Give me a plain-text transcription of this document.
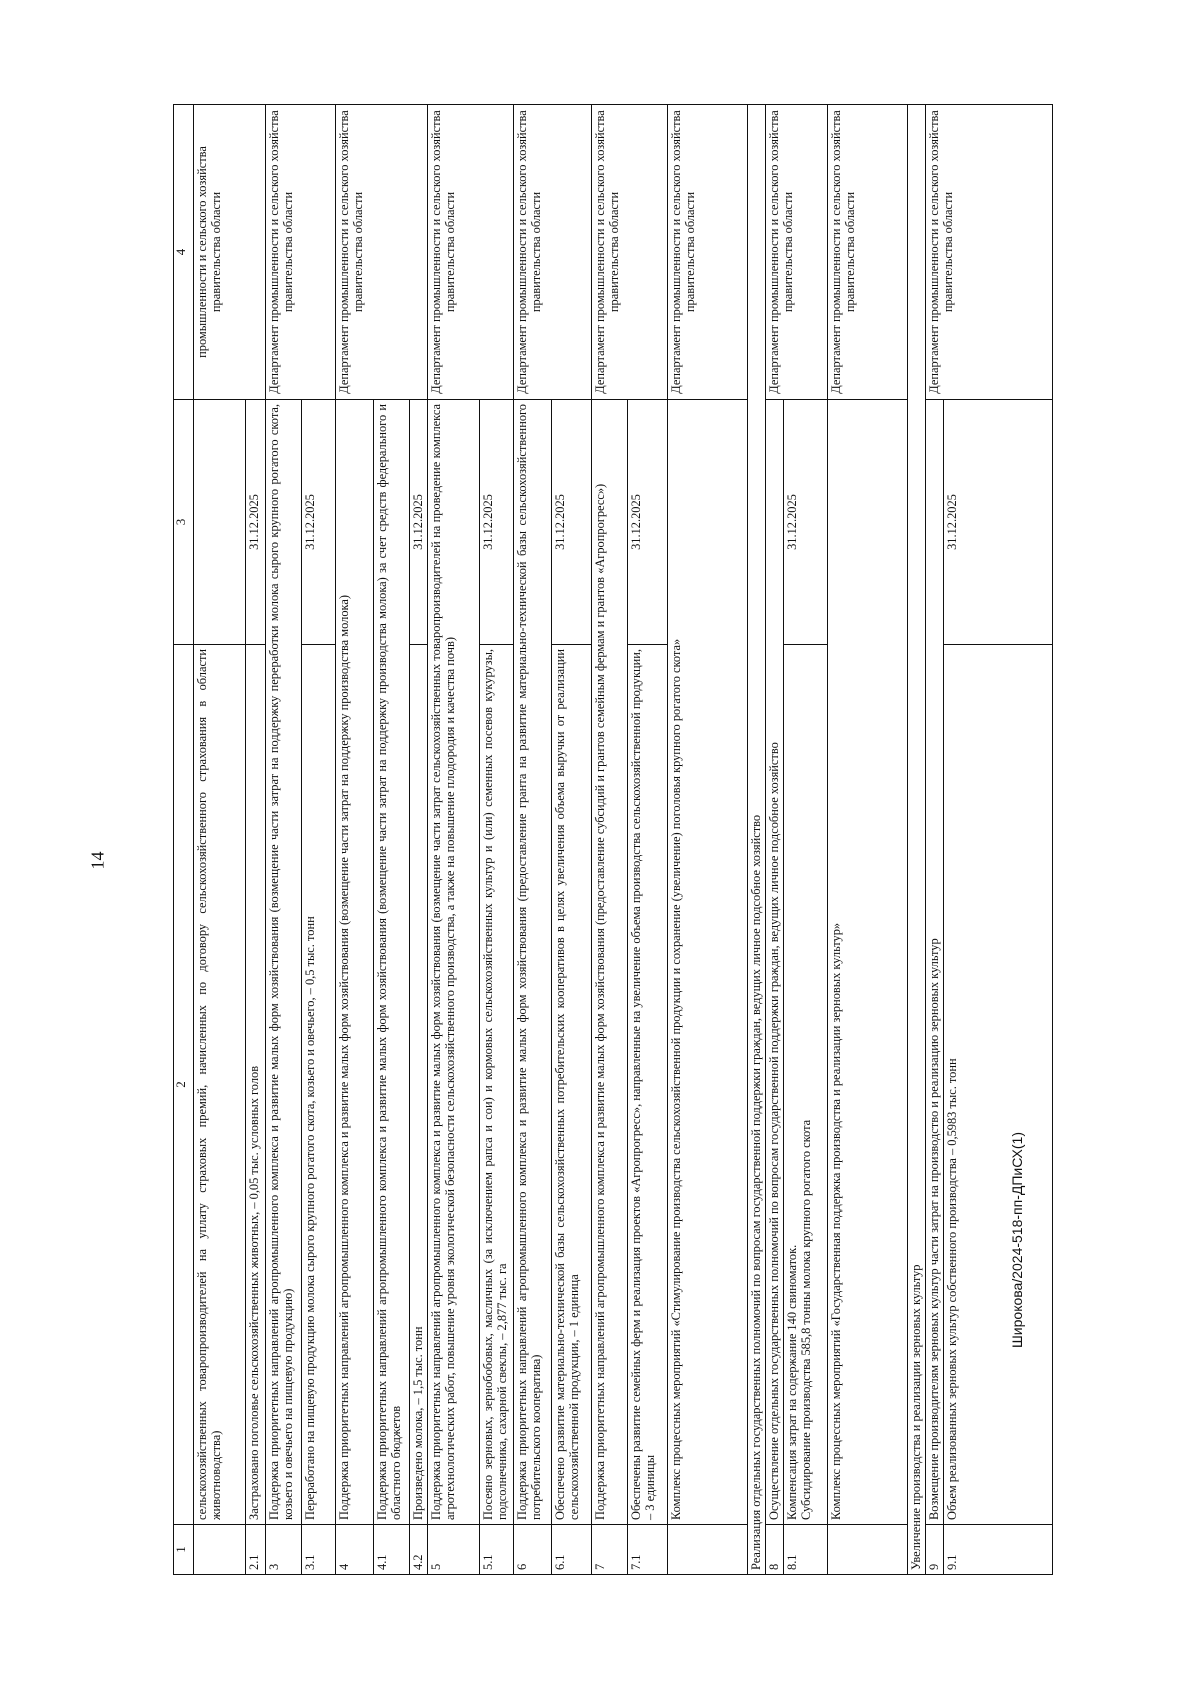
14
Широкова/2024-518-пп-ДПиСХ(1)
1	2	3	4
	сельскохозяйственных товаропроизводителей на уплату страховых премий, начисленных по договору сельскохозяйственного страхования в области животноводства)		промышленности и сельского хозяйства правительства области
2.1	Застраховано поголовье сельскохозяйственных животных, – 0,05 тыс. условных голов	31.12.2025	
3	Поддержка приоритетных направлений агропромышленного комплекса и развитие малых форм хозяйствования (возмещение части затрат на поддержку переработки молока сырого крупного рогатого скота, козьего и овечьего на пищевую продукцию)		Департамент промышленности и сельского хозяйства правительства области
3.1	Переработано на пищевую продукцию молока сырого крупного рогатого скота, козьего и овечьего, – 0,5 тыс. тонн	31.12.2025	
4	Поддержка приоритетных направлений агропромышленного комплекса и развитие малых форм хозяйствования (возмещение части затрат на поддержку производства молока)		Департамент промышленности и сельского хозяйства правительства области
4.1	Поддержка приоритетных направлений агропромышленного комплекса и развитие малых форм хозяйствования (возмещение части затрат на поддержку производства молока) за счет средств федерального и областного бюджетов		
4.2	Произведено молока, – 1,5 тыс. тонн	31.12.2025	
5	Поддержка приоритетных направлений агропромышленного комплекса и развитие малых форм хозяйствования (возмещение части затрат сельскохозяйственных товаропроизводителей на проведение комплекса агротехнологических работ, повышение уровня экологической безопасности сельскохозяйственного производства, а также на повышение плодородия и качества почв)		Департамент промышленности и сельского хозяйства правительства области
5.1	Посеяно зерновых, зернобобовых, масличных (за исключением рапса и сои) и кормовых сельскохозяйственных культур и (или) семенных посевов кукурузы, подсолнечника, сахарной свеклы, – 2,877 тыс. га	31.12.2025	
6	Поддержка приоритетных направлений агропромышленного комплекса и развитие малых форм хозяйствования (предоставление гранта на развитие материально-технической базы сельскохозяйственного потребительского кооператива)		Департамент промышленности и сельского хозяйства правительства области
6.1	Обеспечено развитие материально-технической базы сельскохозяйственных потребительских кооперативов в целях увеличения объема выручки от реализации сельскохозяйственной продукции, – 1 единица	31.12.2025	
7	Поддержка приоритетных направлений агропромышленного комплекса и развитие малых форм хозяйствования (предоставление субсидий и грантов семейным фермам и грантов «Агропрогресс»)		Департамент промышленности и сельского хозяйства правительства области
7.1	Обеспечены развитие семейных ферм и реализация проектов «Агропрогресс», направленные на увеличение объема производства сельскохозяйственной продукции, – 3 единицы	31.12.2025	
	Комплекс процессных мероприятий «Стимулирование производства сельскохозяйственной продукции и сохранение (увеличение) поголовья крупного рогатого скота»		Департамент промышленности и сельского хозяйства правительства области
Реализация отдельных государственных полномочий по вопросам государственной поддержки граждан, ведущих личное подсобное хозяйство			
8	Осуществление отдельных государственных полномочий по вопросам государственной поддержки граждан, ведущих личное подсобное хозяйство		Департамент промышленности и сельского хозяйства правительства области
8.1	Компенсация затрат на содержание 140 свиноматок. Субсидирование производства 585,8 тонны молока крупного рогатого скота	31.12.2025	
	Комплекс процессных мероприятий «Государственная поддержка производства и реализации зерновых культур»		Департамент промышленности и сельского хозяйства правительства области
Увеличение производства и реализации зерновых культур			
9	Возмещение производителям зерновых культур части затрат на производство и реализацию зерновых культур		Департамент промышленности и сельского хозяйства правительства области
9.1	Объем реализованных зерновых культур собственного производства – 0,5983 тыс. тонн	31.12.2025	
